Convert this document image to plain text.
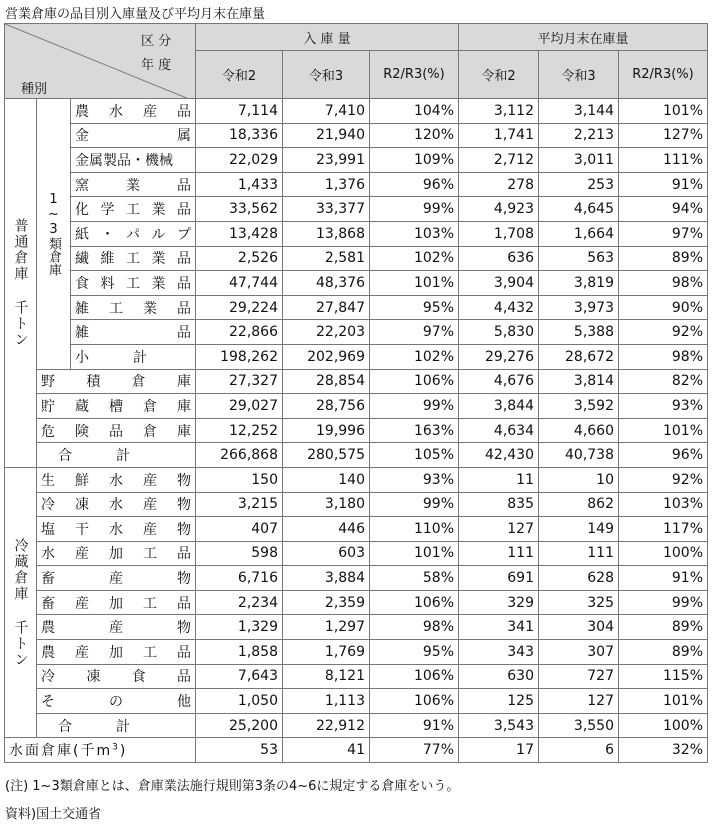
営業倉庫の品目別入庫量及び平均月末在庫量
区 分
年 度
種別			入 庫 量			平均月末在庫量		
			令和2	令和3	R2/R3(%)	令和2	令和3	R2/R3(%)
普通倉庫 千トン	1~3類倉庫	農 水 産 品	7,114	7,410	104%	3,112	3,144	101%

		金 属	18,336	21,940	120%	1,741	2,213	127%
		金属製品・機械	22,029	23,991	109%	2,712	3,011	111%

		窯 業 品	1,433	1,376	96%	278	253	91%

		化 学 工 業 品	33,562	33,377	99%	4,923	4,645	94%

		紙 ・ パ ル プ	13,428	13,868	103%	1,708	1,664	97%

		繊 維 工 業 品	2,526	2,581	102%	636	563	89%

		食 料 工 業 品	47,744	48,376	101%	3,904	3,819	98%

		雑 工 業 品	29,224	27,847	95%	4,432	3,973	90%

		雑 品	22,866	22,203	97%	5,830	5,388	92%
		小計	198,262	202,969	102%	29,276	28,672	98%

	野 積 倉 庫		27,327	28,854	106%	4,676	3,814	82%

	貯 蔵 槽 倉 庫		29,027	28,756	99%	3,844	3,592	93%

	危 険 品 倉 庫		12,252	19,996	163%	4,634	4,660	101%
	合計		266,868	280,575	105%	42,430	40,738	96%
冷蔵倉庫 千トン	生 鮮 水 産 物		150	140	93%	11	10	92%

	冷 凍 水 産 物		3,215	3,180	99%	835	862	103%

	塩 干 水 産 物		407	446	110%	127	149	117%

	水 産 加 工 品		598	603	101%	111	111	100%

	畜 産 物		6,716	3,884	58%	691	628	91%

	畜 産 加 工 品		2,234	2,359	106%	329	325	99%

	農 産 物		1,329	1,297	98%	341	304	89%

	農 産 加 工 品		1,858	1,769	95%	343	307	89%

	冷 凍 食 品		7,643	8,121	106%	630	727	115%

	そ の 他		1,050	1,113	106%	125	127	101%
	合計		25,200	22,912	91%	3,543	3,550	100%
水面倉庫(千$m^3$)			53	41	77%	17	6	32%
(注) 1~3類倉庫とは、倉庫業法施行規則第3条の4~6に規定する倉庫をいう。
資料)国土交通省
